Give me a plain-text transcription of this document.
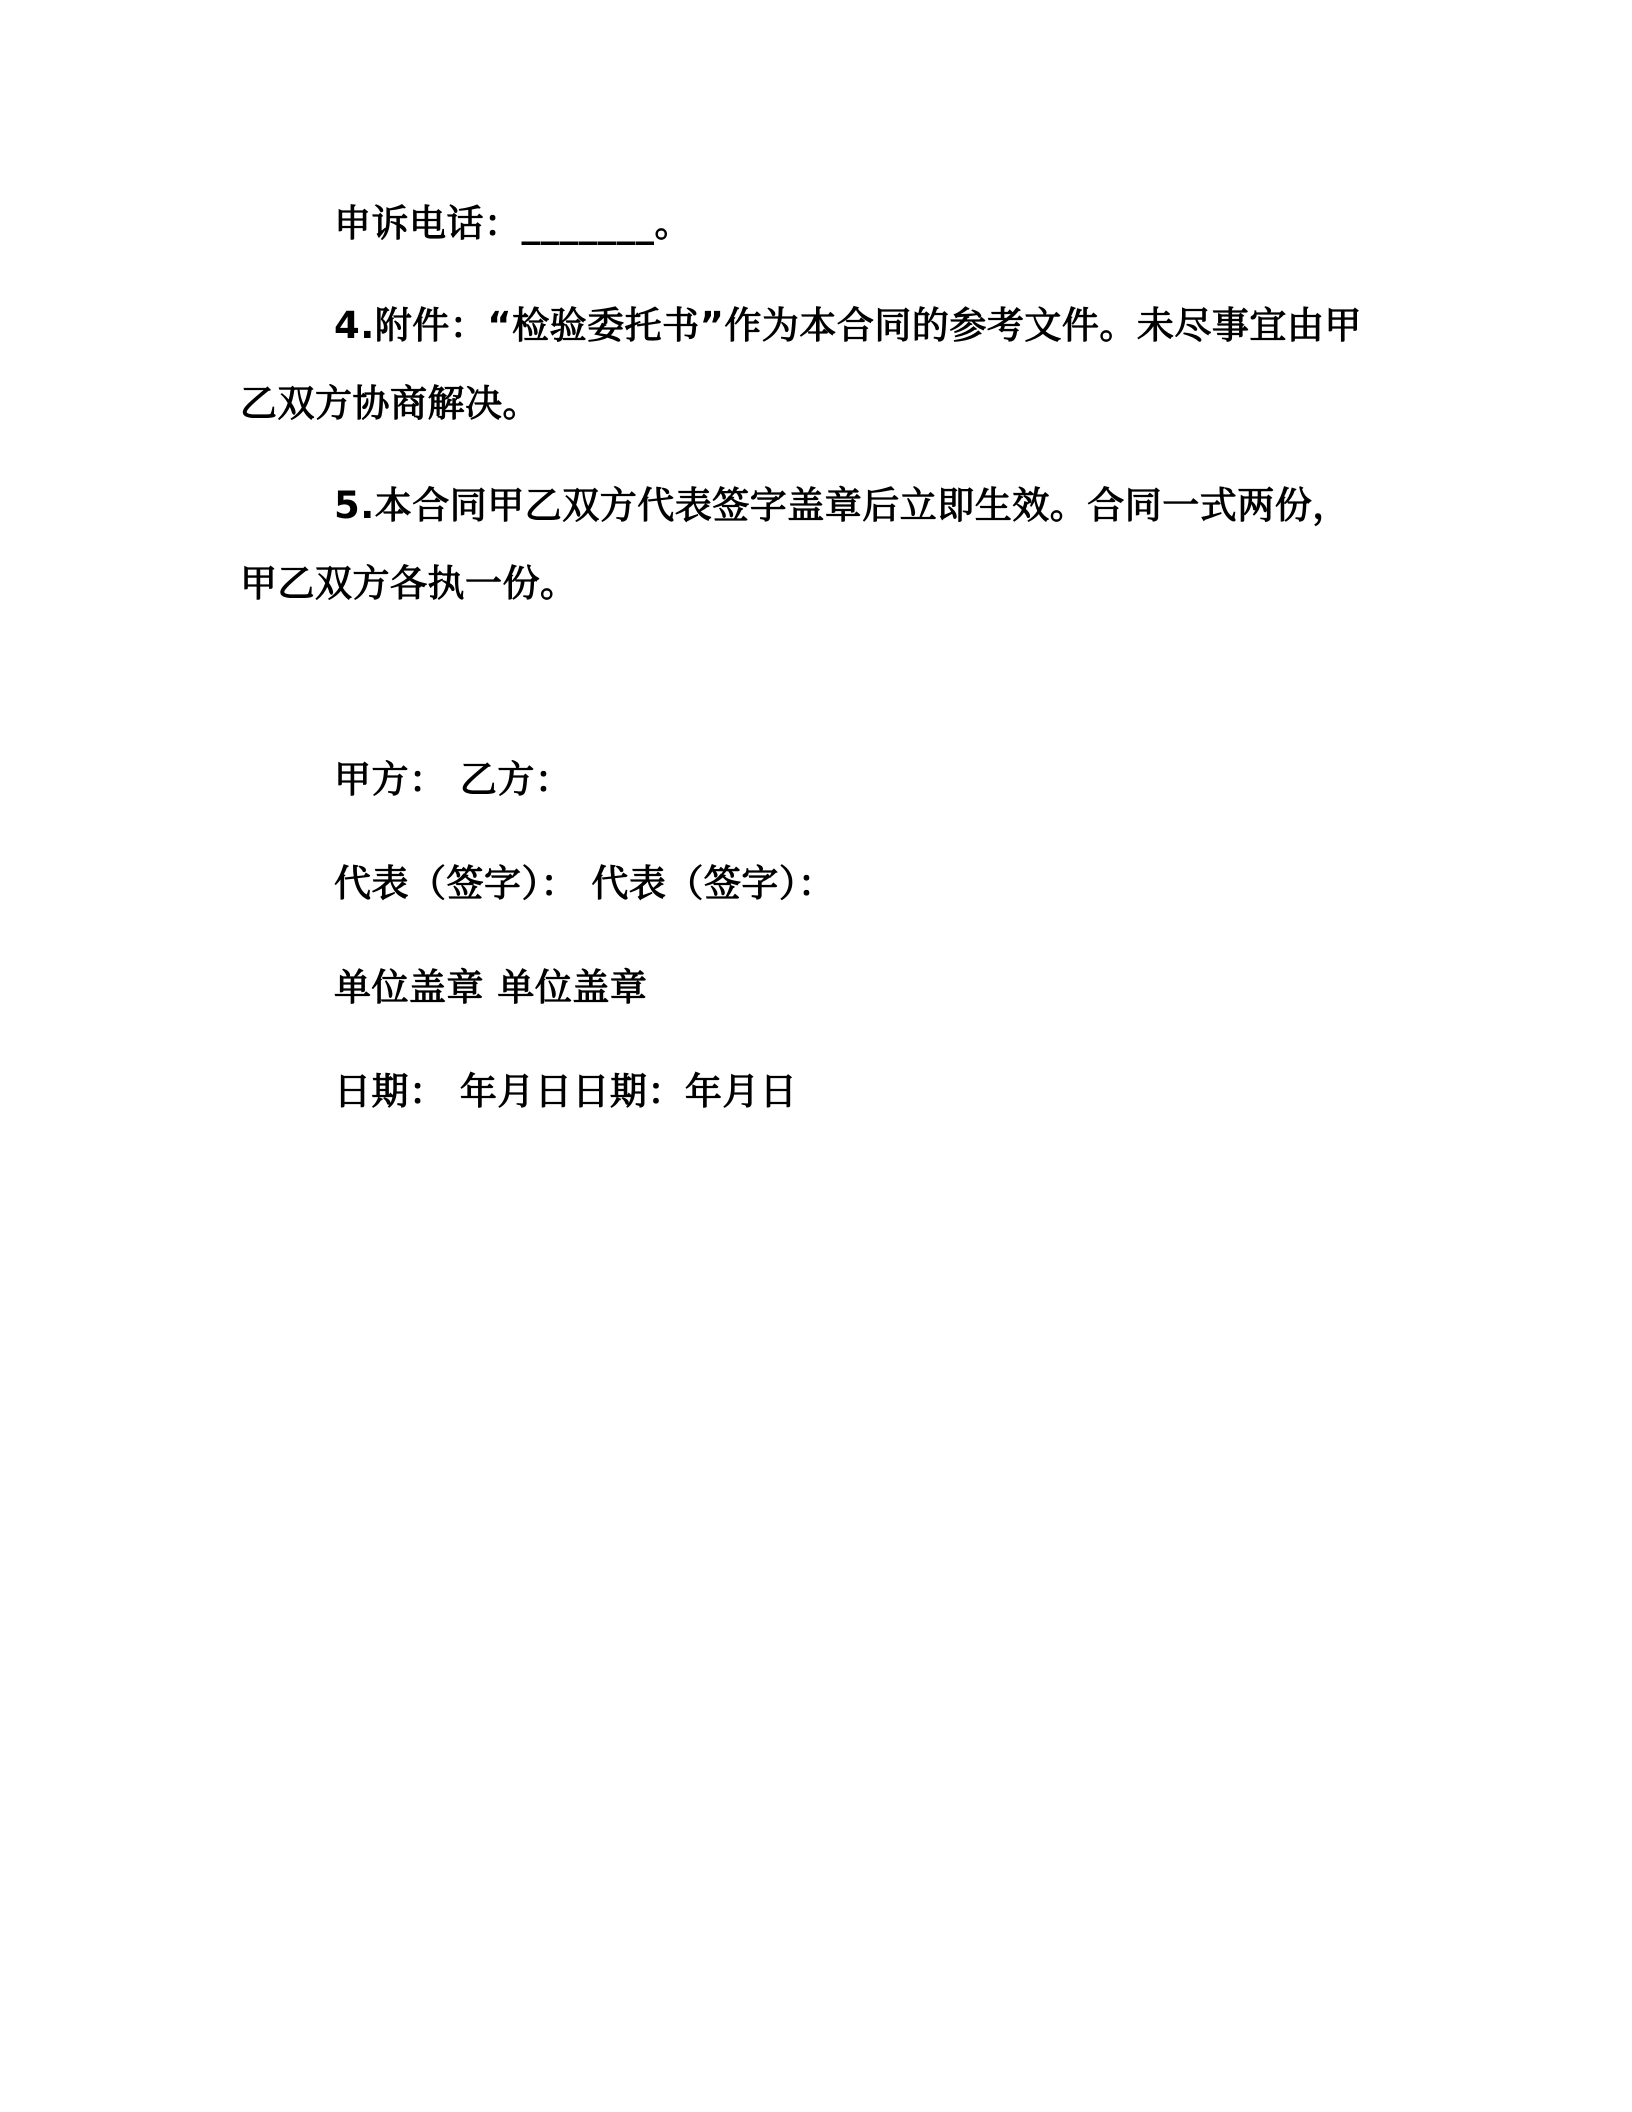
申诉电话：_______。

4.附件：“检验委托书”作为本合同的参考文件。未尽事宜由甲乙双方协商解决。

5.本合同甲乙双方代表签字盖章后立即生效。合同一式两份，甲乙双方各执一份。

甲方： 乙方：

代表（签字）： 代表（签字）：

单位盖章 单位盖章

日期： 年月日日期：年月日
